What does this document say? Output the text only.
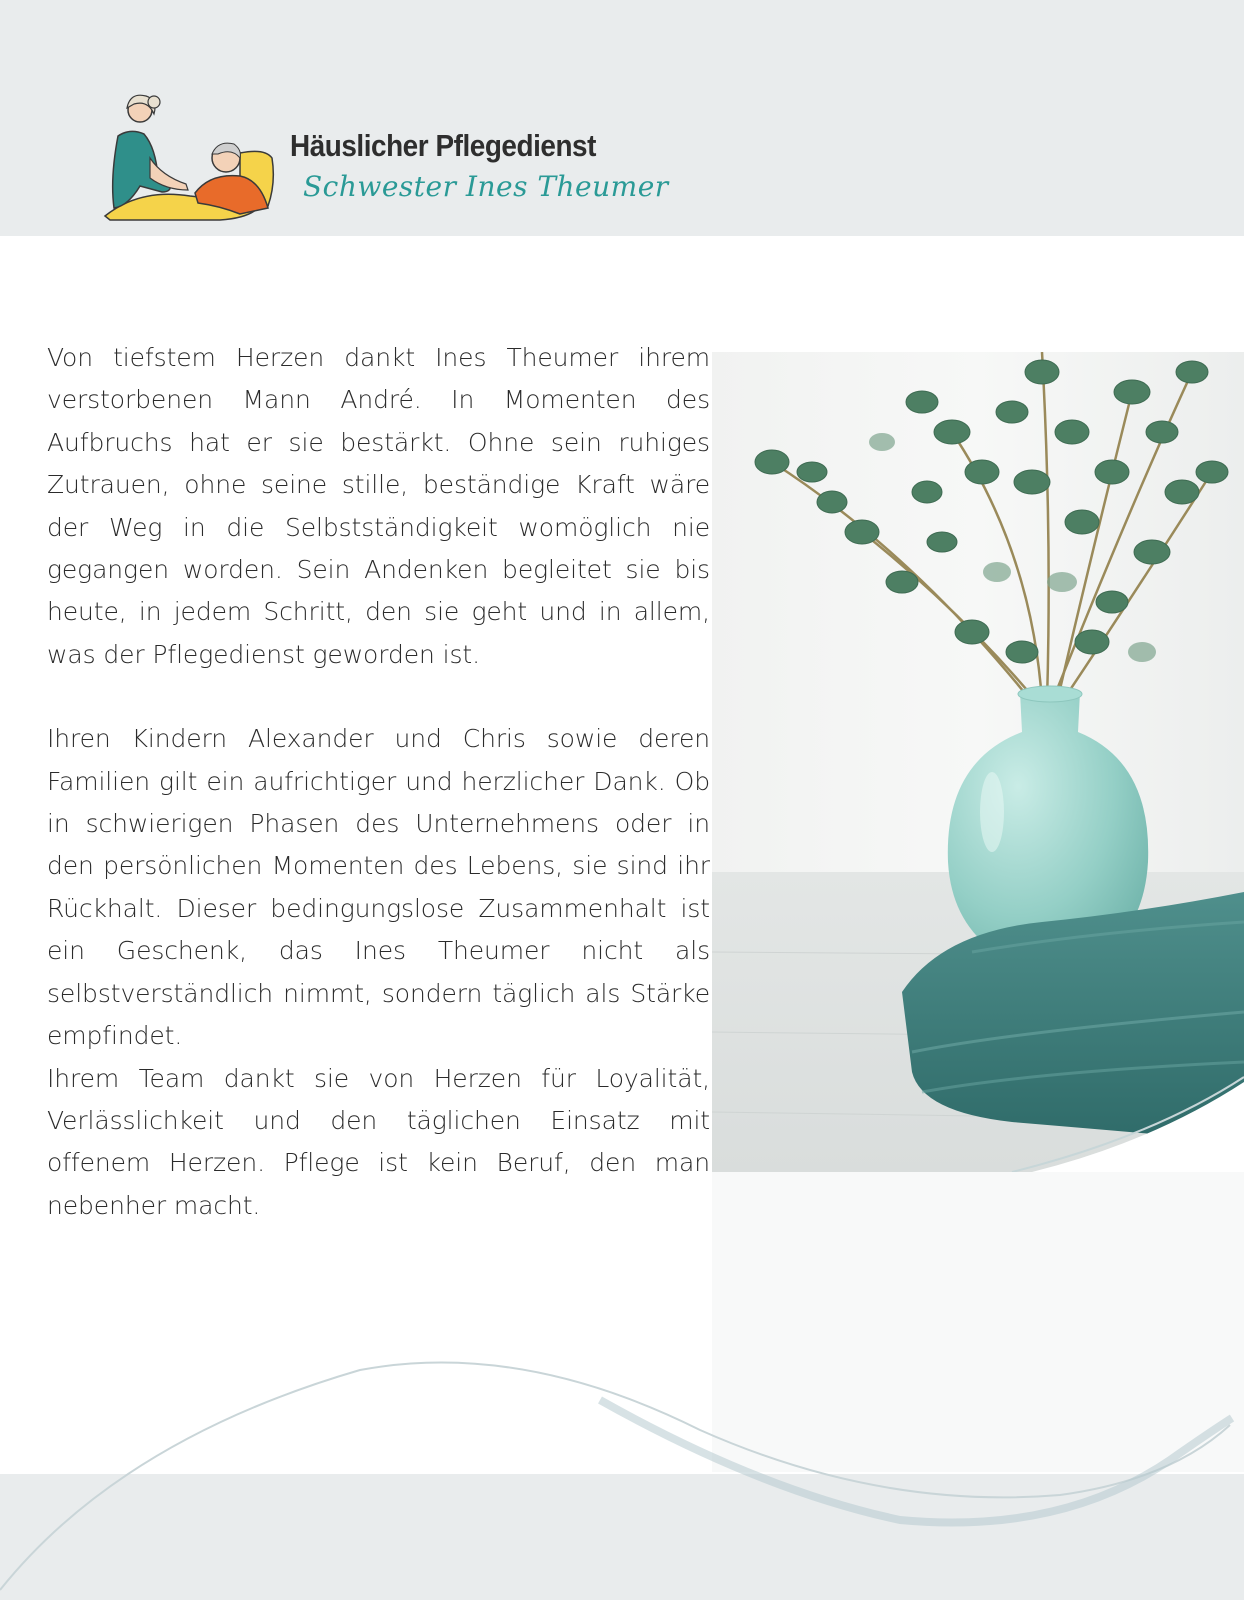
Häuslicher Pflegedienst
Schwester Ines Theumer

Von tiefstem Herzen dankt Ines Theumer ihrem verstorbenen Mann André. In Momenten des Aufbruchs hat er sie bestärkt. Ohne sein ruhiges Zutrauen, ohne seine stille, beständige Kraft wäre der Weg in die Selbstständigkeit womöglich nie gegangen worden. Sein Andenken begleitet sie bis heute, in jedem Schritt, den sie geht und in allem, was der Pflegedienst geworden ist.

Ihren Kindern Alexander und Chris sowie deren Familien gilt ein aufrichtiger und herzlicher Dank. Ob in schwierigen Phasen des Unternehmens oder in den persönlichen Momenten des Lebens, sie sind ihr Rückhalt. Dieser bedingungslose Zusammenhalt ist ein Geschenk, das Ines Theumer nicht als selbstverständlich nimmt, sondern täglich als Stärke empfindet.

Ihrem Team dankt sie von Herzen für Loyalität, Verlässlichkeit und den täglichen Einsatz mit offenem Herzen. Pflege ist kein Beruf, den man nebenher macht.
